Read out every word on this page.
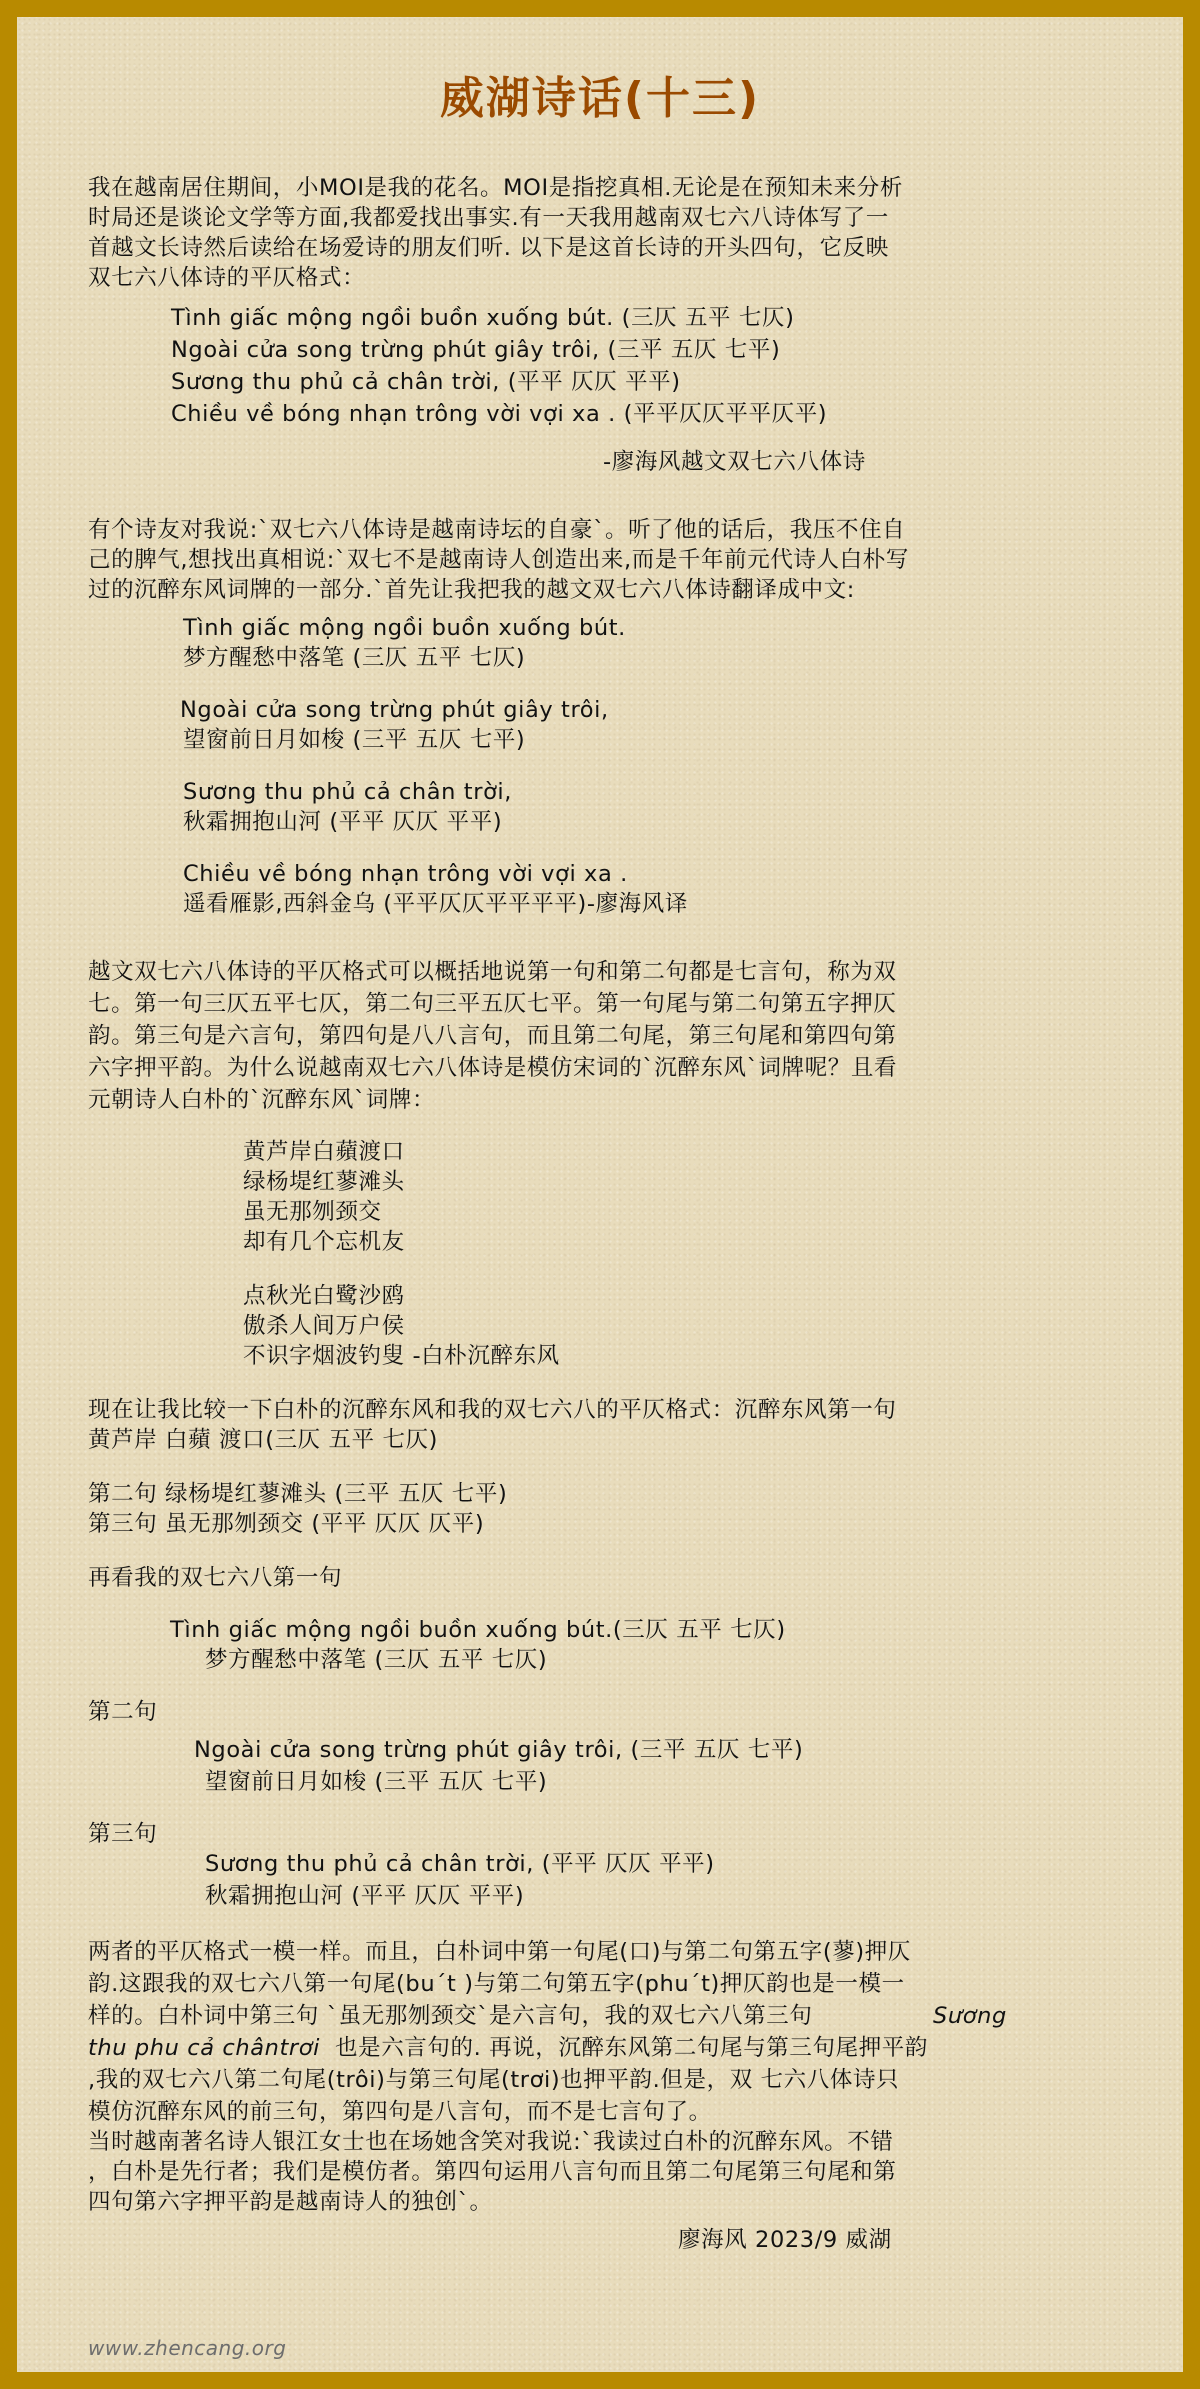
威湖诗话(十三)
我在越南居住期间，小MOI是我的花名。MOI是指挖真相.无论是在预知未来分析
时局还是谈论文学等方面,我都爱找出事实.有一天我用越南双七六八诗体写了一
首越文长诗然后读给在场爱诗的朋友们听. 以下是这首长诗的开头四句，它反映
双七六八体诗的平仄格式：
Tình giấc mộng ngồi buồn xuống bút. (三仄 五平 七仄)
Ngoài cửa song trừng phút giây trôi, (三平 五仄 七平)
Sương thu phủ cả chân trời, (平平 仄仄 平平)
Chiều về bóng nhạn trông vời vợi xa . (平平仄仄平平仄平)
-廖海风越文双七六八体诗
有个诗友对我说:`双七六八体诗是越南诗坛的自豪`。听了他的话后，我压不住自
己的脾气,想找出真相说:`双七不是越南诗人创造出来,而是千年前元代诗人白朴写
过的沉醉东风词牌的一部分.`首先让我把我的越文双七六八体诗翻译成中文:
Tình giấc mộng ngồi buồn xuống bút.
梦方醒愁中落笔 (三仄 五平 七仄)
Ngoài cửa song trừng phút giây trôi,
望窗前日月如梭 (三平 五仄 七平)
Sương thu phủ cả chân trời,
秋霜拥抱山河 (平平 仄仄 平平)
Chiều về bóng nhạn trông vời vợi xa .
遥看雁影,西斜金乌 (平平仄仄平平平平)-廖海风译
越文双七六八体诗的平仄格式可以概括地说第一句和第二句都是七言句，称为双
七。第一句三仄五平七仄，第二句三平五仄七平。第一句尾与第二句第五字押仄
韵。第三句是六言句，第四句是八八言句，而且第二句尾，第三句尾和第四句第
六字押平韵。为什么说越南双七六八体诗是模仿宋词的`沉醉东风`词牌呢？且看
元朝诗人白朴的`沉醉东风`词牌：
黄芦岸白蘋渡口
绿杨堤红蓼滩头
虽无那刎颈交
却有几个忘机友
点秋光白鹭沙鸥
傲杀人间万户侯
不识字烟波钓叟 -白朴沉醉东风
现在让我比较一下白朴的沉醉东风和我的双七六八的平仄格式：沉醉东风第一句
黄芦岸 白蘋 渡口(三仄 五平 七仄)
第二句 绿杨堤红蓼滩头 (三平 五仄 七平)
第三句 虽无那刎颈交 (平平 仄仄 仄平)
再看我的双七六八第一句
Tình giấc mộng ngồi buồn xuống bút.(三仄 五平 七仄)
梦方醒愁中落笔 (三仄 五平 七仄)
第二句
Ngoài cửa song trừng phút giây trôi, (三平 五仄 七平)
望窗前日月如梭 (三平 五仄 七平)
第三句
Sương thu phủ cả chân trời, (平平 仄仄 平平)
秋霜拥抱山河 (平平 仄仄 平平)
两者的平仄格式一模一样。而且，白朴词中第一句尾(口)与第二句第五字(蓼)押仄
韵.这跟我的双七六八第一句尾(bu´t )与第二句第五字(phu´t)押仄韵也是一模一
样的。白朴词中第三句 `虽无那刎颈交`是六言句，我的双七六八第三句	Sương
thu phu cả chântrơi 也是六言句的. 再说，沉醉东风第二句尾与第三句尾押平韵
,我的双七六八第二句尾(trôi)与第三句尾(trơi)也押平韵.但是，双 七六八体诗只
模仿沉醉东风的前三句，第四句是八言句，而不是七言句了。
当时越南著名诗人银江女士也在场她含笑对我说:`我读过白朴的沉醉东风。不错
，白朴是先行者；我们是模仿者。第四句运用八言句而且第二句尾第三句尾和第
四句第六字押平韵是越南诗人的独创`。
廖海风 2023/9 威湖
www.zhencang.org
